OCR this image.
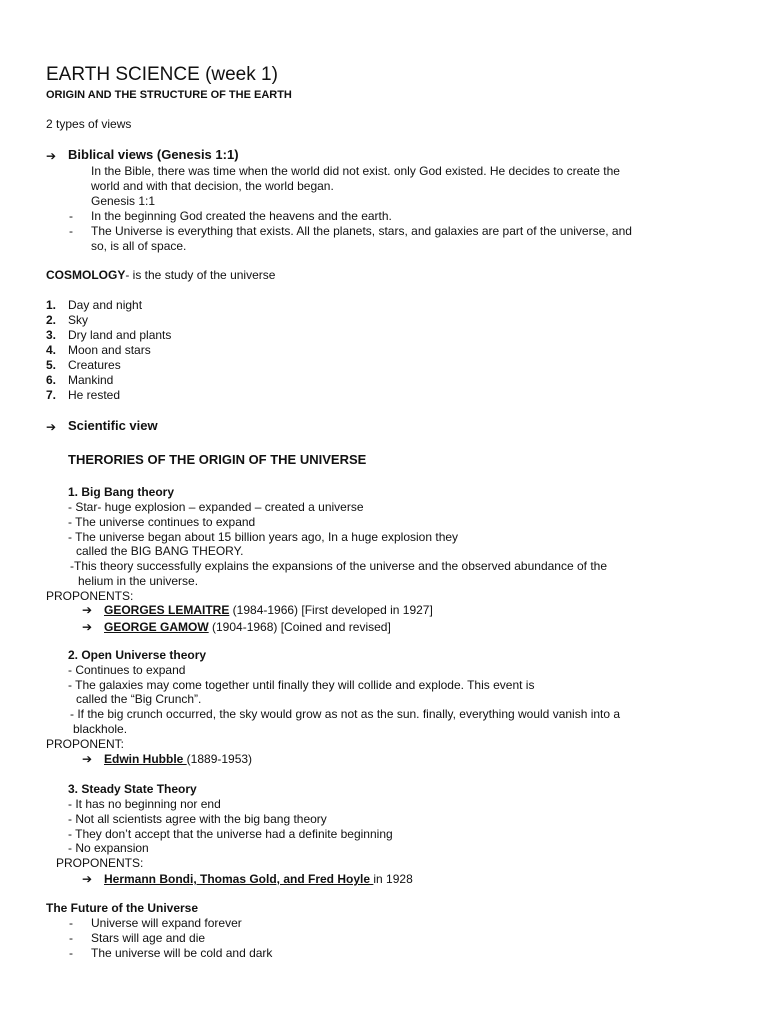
EARTH SCIENCE (week 1)
ORIGIN AND THE STRUCTURE OF THE EARTH
2 types of views
➔ Biblical views (Genesis 1:1)
In the Bible, there was time when the world did not exist. only God existed. He decides to create the
world and with that decision, the world began.
Genesis 1:1
- In the beginning God created the heavens and the earth.
- The Universe is everything that exists. All the planets, stars, and galaxies are part of the universe, and
so, is all of space.
COSMOLOGY- is the study of the universe
1. Day and night
2. Sky
3. Dry land and plants
4. Moon and stars
5. Creatures
6. Mankind
7. He rested
➔ Scientific view
THERORIES OF THE ORIGIN OF THE UNIVERSE
1. Big Bang theory
- Star- huge explosion – expanded – created a universe
- The universe continues to expand
- The universe began about 15 billion years ago, In a huge explosion they
called the BIG BANG THEORY.
-This theory successfully explains the expansions of the universe and the observed abundance of the
helium in the universe.
PROPONENTS:
➔ GEORGES LEMAITRE (1984-1966) [First developed in 1927]
➔ GEORGE GAMOW (1904-1968) [Coined and revised]
2. Open Universe theory
- Continues to expand
- The galaxies may come together until finally they will collide and explode. This event is
called the “Big Crunch”.
- If the big crunch occurred, the sky would grow as not as the sun. finally, everything would vanish into a
blackhole.
PROPONENT:
➔ Edwin Hubble (1889-1953)
3. Steady State Theory
- It has no beginning nor end
- Not all scientists agree with the big bang theory
- They don’t accept that the universe had a definite beginning
- No expansion
PROPONENTS:
➔ Hermann Bondi, Thomas Gold, and Fred Hoyle in 1928
The Future of the Universe
- Universe will expand forever
- Stars will age and die
- The universe will be cold and dark
